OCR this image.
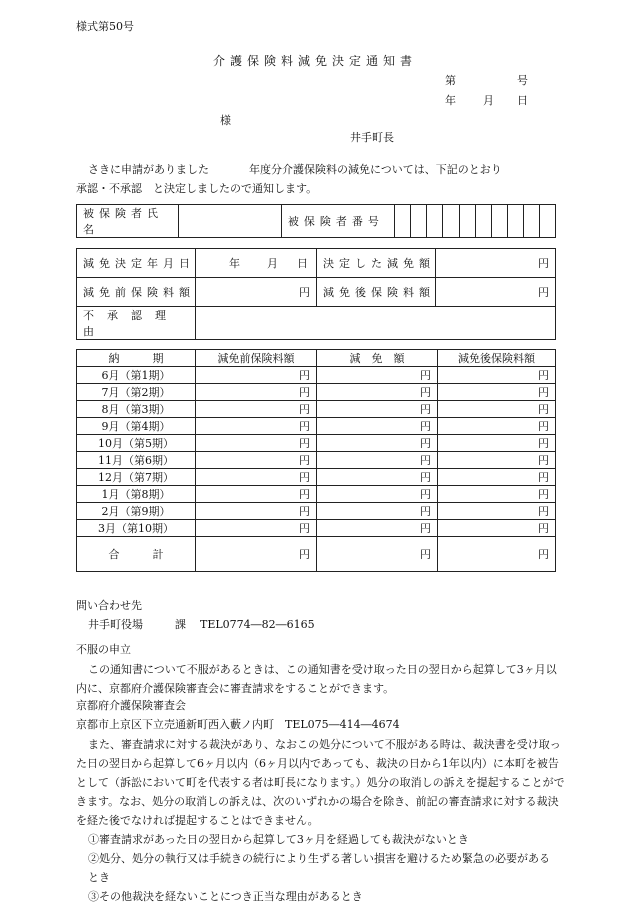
様式第50号
介護保険料減免決定通知書
第	号
年 月 日
様
井手町長
さきに申請がありました	年度分介護保険料の減免については、下記のとおり
承認・不承認　と決定しましたので通知します。
被保険者氏名		被保険者番号										
減免決定年月日	年 月 日	決定した減免額	円
減免前保険料額	円	減免後保険料額	円
不承認理由			
納　　　期	減免前保険料額	減　免　額	減免後保険料額
6月（第1期）	円	円	円
7月（第2期）	円	円	円
8月（第3期）	円	円	円
9月（第4期）	円	円	円
10月（第5期）	円	円	円
11月（第6期）	円	円	円
12月（第7期）	円	円	円
1月（第8期）	円	円	円
2月（第9期）	円	円	円
3月（第10期）	円	円	円
合　　　計	円	円	円
問い合わせ先
井手町役場	課 TEL0774―82―6165
不服の申立
この通知書について不服があるときは、この通知書を受け取った日の翌日から起算して3ヶ月以内に、京都府介護保険審査会に審査請求をすることができます。
京都府介護保険審査会
京都市上京区下立売通新町西入藪ノ内町　TEL075―414―4674
また、審査請求に対する裁決があり、なおこの処分について不服がある時は、裁決書を受け取った日の翌日から起算して6ヶ月以内（6ヶ月以内であっても、裁決の日から1年以内）に本町を被告として（訴訟において町を代表する者は町長になります。）処分の取消しの訴えを提起することができます。なお、処分の取消しの訴えは、次のいずれかの場合を除き、前記の審査請求に対する裁決を経た後でなければ提起することはできません。
①審査請求があった日の翌日から起算して3ヶ月を経過しても裁決がないとき
②処分、処分の執行又は手続きの続行により生ずる著しい損害を避けるため緊急の必要があるとき
③その他裁決を経ないことにつき正当な理由があるとき
